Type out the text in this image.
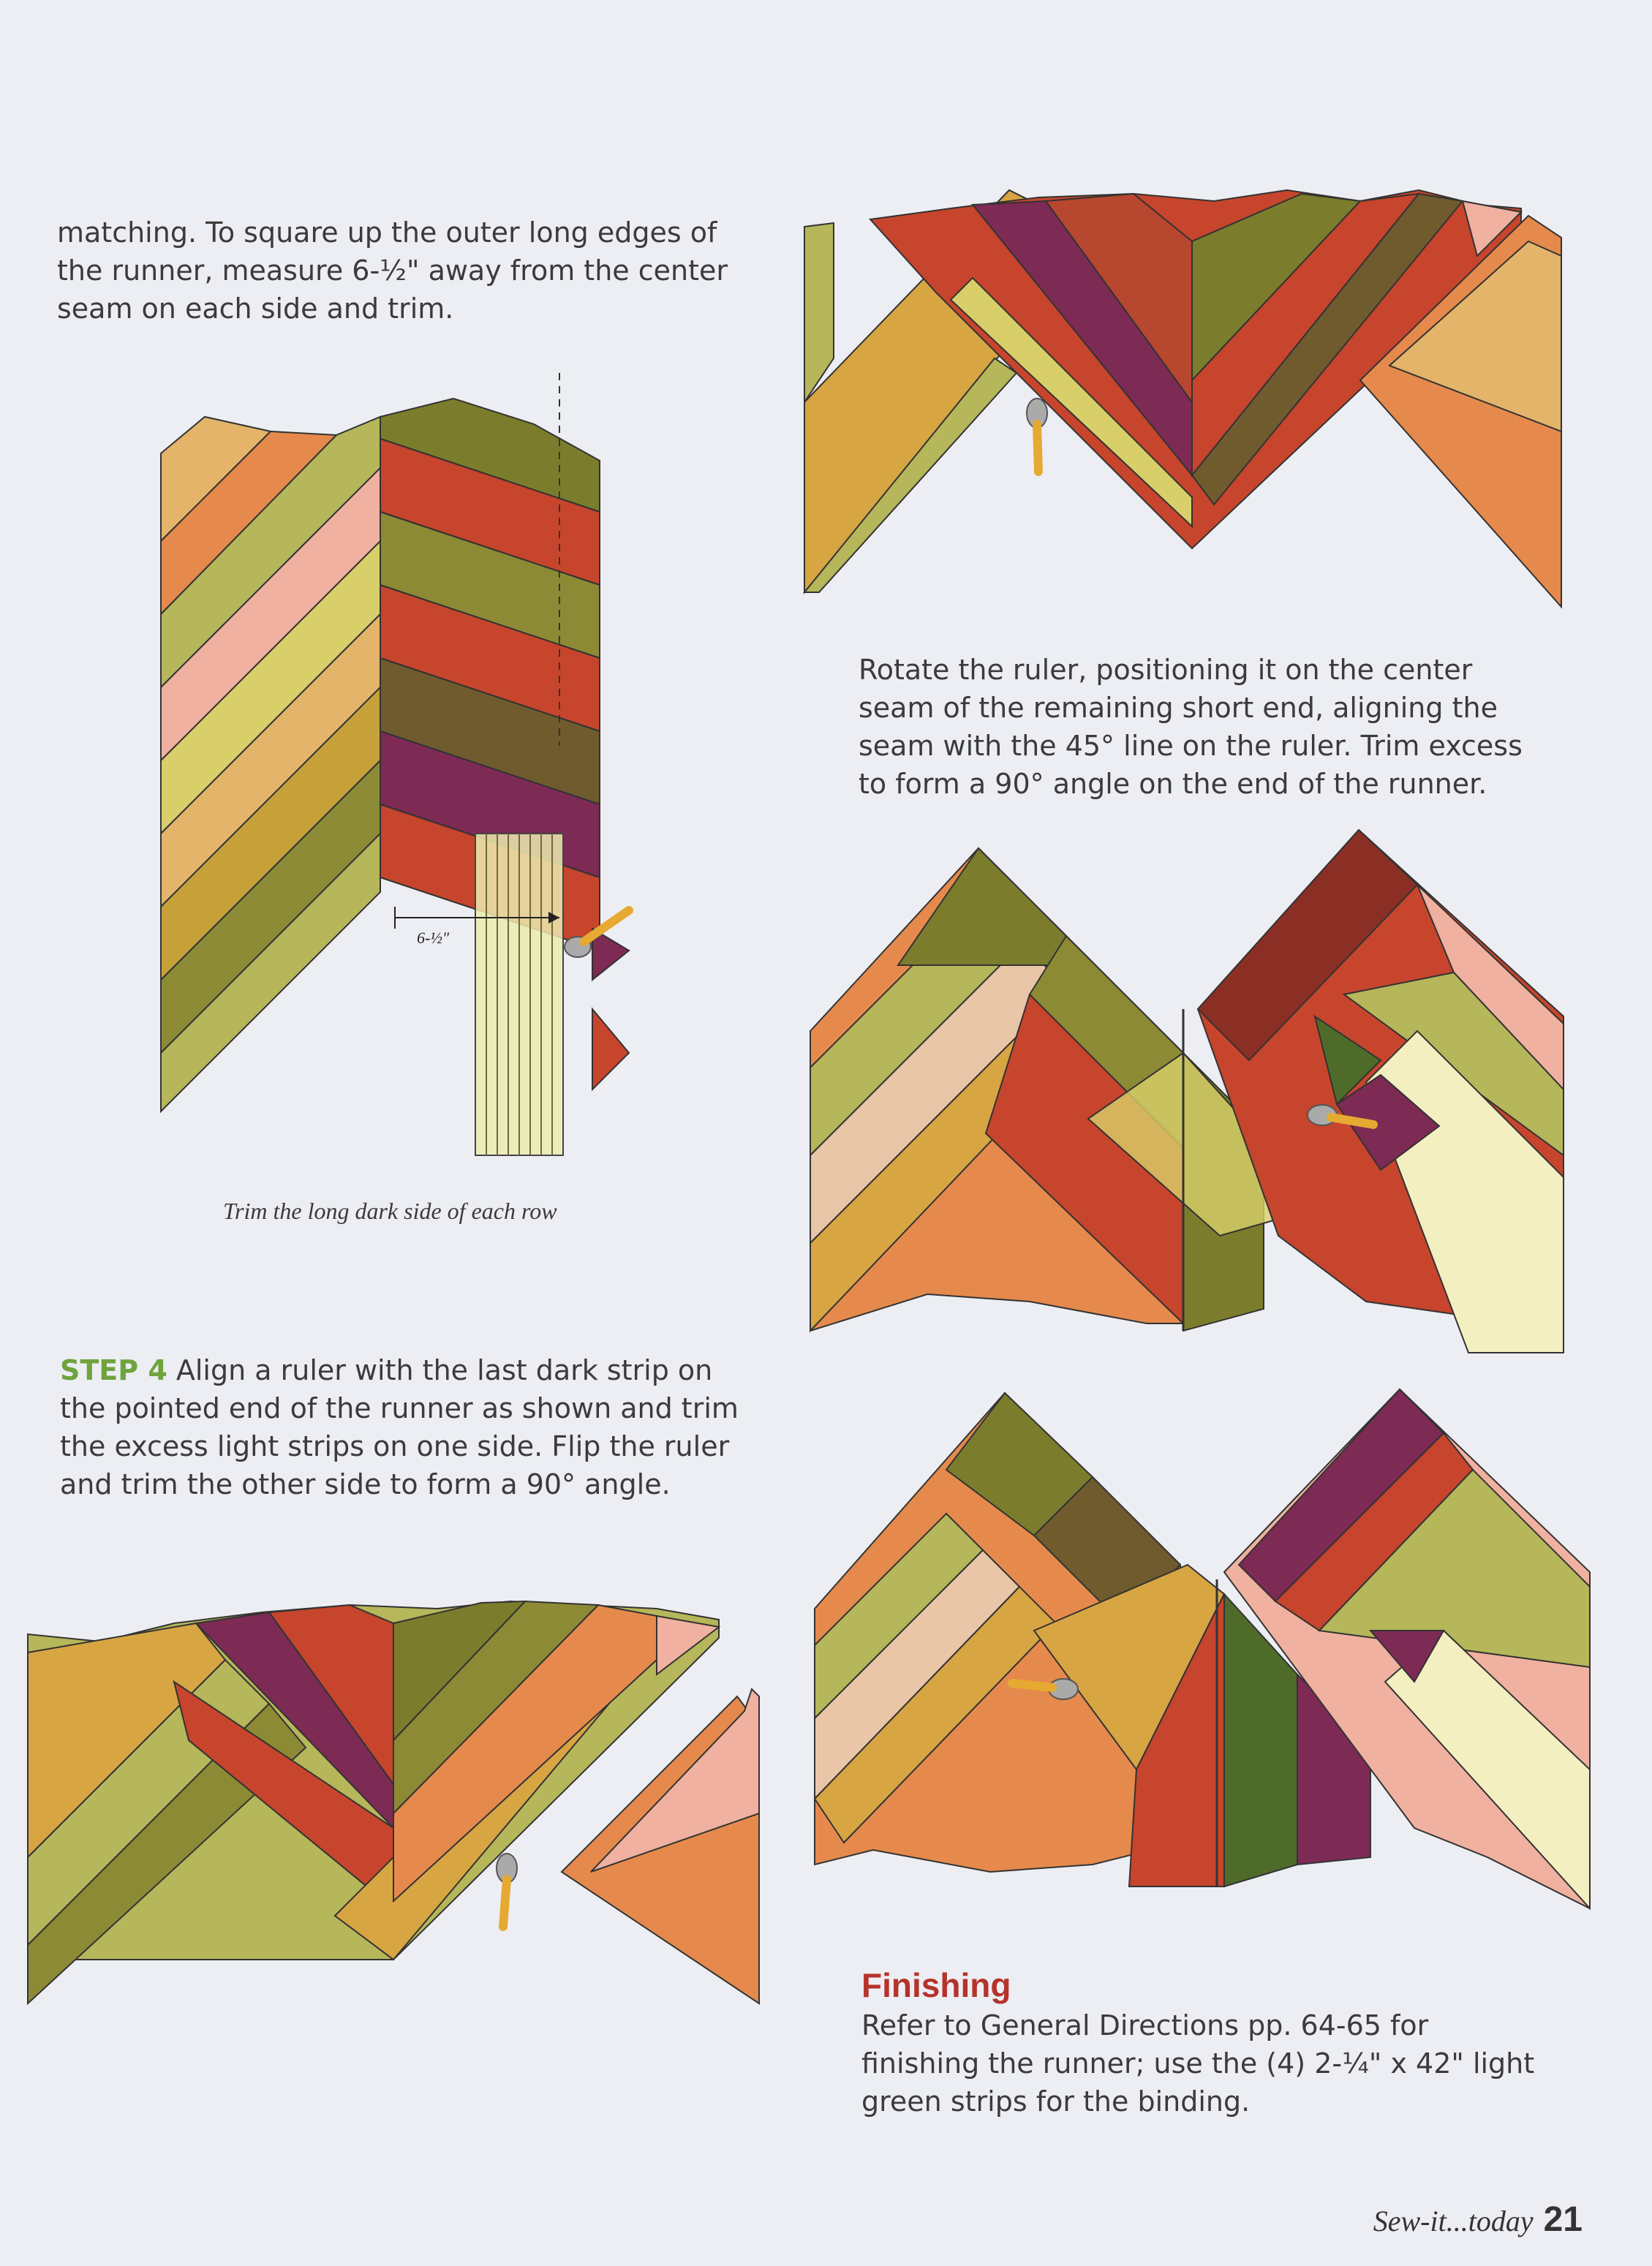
matching. To square up the outer long edges of
the runner, measure 6-½" away from the center
seam on each side and trim.
6-½"
Trim the long dark side of each row
STEP 4 Align a ruler with the last dark strip on
the pointed end of the runner as shown and trim
the excess light strips on one side. Flip the ruler
and trim the other side to form a 90° angle.
Rotate the ruler, positioning it on the center
seam of the remaining short end, aligning the
seam with the 45° line on the ruler. Trim excess
to form a 90° angle on the end of the runner.
Finishing
Refer to General Directions pp. 64-65 for
finishing the runner; use the (4) 2-¼" x 42" light
green strips for the binding.
Sew-it...today 21
